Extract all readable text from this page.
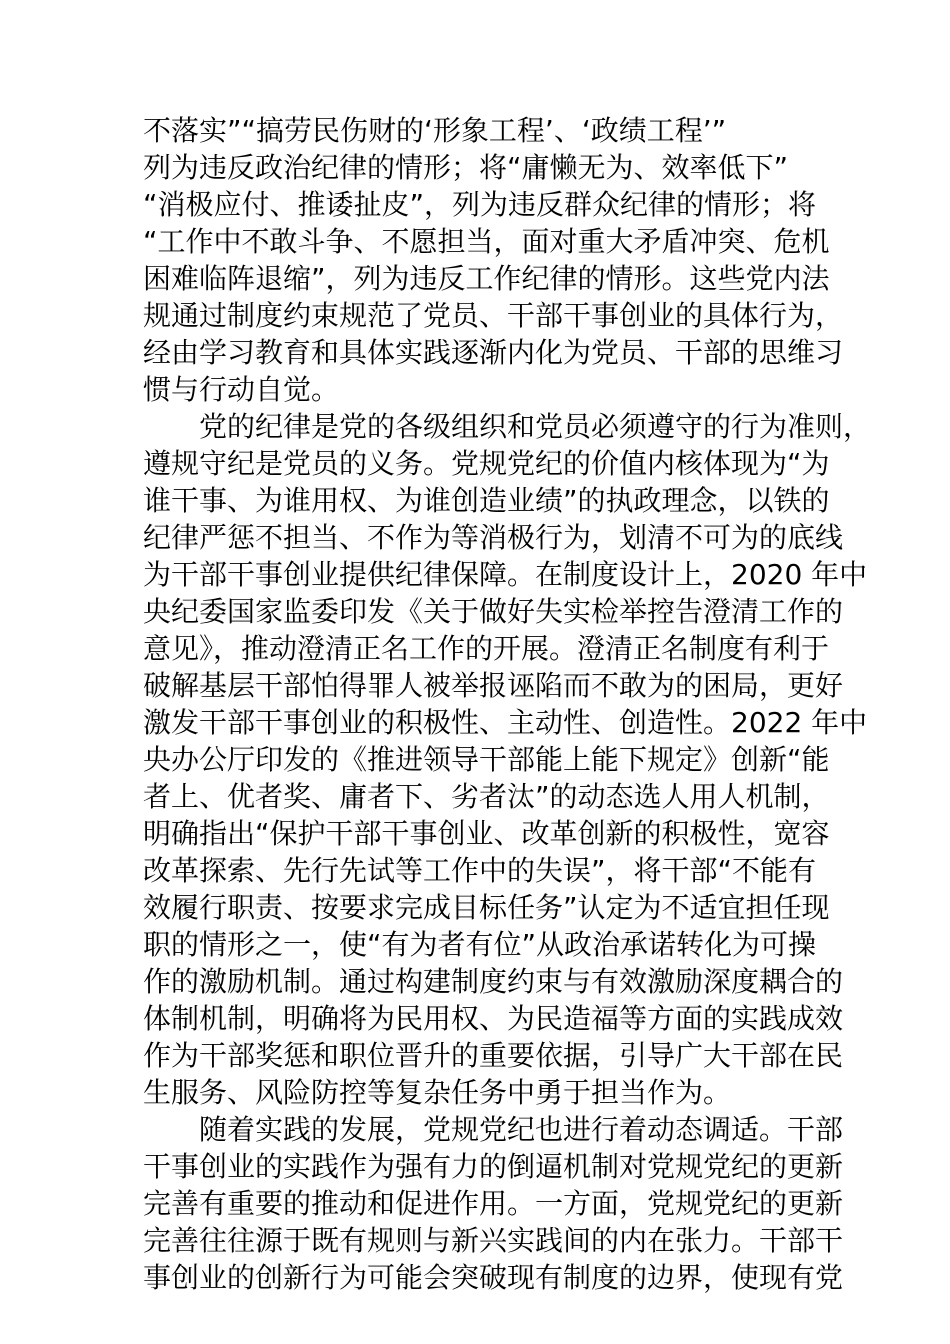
不落实”“搞劳民伤财的‘形象工程’、‘政绩工程’”
列为违反政治纪律的情形；将“庸懒无为、效率低下”
“消极应付、推诿扯皮”，列为违反群众纪律的情形；将
“工作中不敢斗争、不愿担当，面对重大矛盾冲突、危机
困难临阵退缩”，列为违反工作纪律的情形。这些党内法
规通过制度约束规范了党员、干部干事创业的具体行为，
经由学习教育和具体实践逐渐内化为党员、干部的思维习
惯与行动自觉。
党的纪律是党的各级组织和党员必须遵守的行为准则，
遵规守纪是党员的义务。党规党纪的价值内核体现为“为
谁干事、为谁用权、为谁创造业绩”的执政理念，以铁的
纪律严惩不担当、不作为等消极行为，划清不可为的底线
为干部干事创业提供纪律保障。在制度设计上，2020 年中
央纪委国家监委印发《关于做好失实检举控告澄清工作的
意见》，推动澄清正名工作的开展。澄清正名制度有利于
破解基层干部怕得罪人被举报诬陷而不敢为的困局，更好
激发干部干事创业的积极性、主动性、创造性。2022 年中
央办公厅印发的《推进领导干部能上能下规定》创新“能
者上、优者奖、庸者下、劣者汰”的动态选人用人机制，
明确指出“保护干部干事创业、改革创新的积极性，宽容
改革探索、先行先试等工作中的失误”，将干部“不能有
效履行职责、按要求完成目标任务”认定为不适宜担任现
职的情形之一，使“有为者有位”从政治承诺转化为可操
作的激励机制。通过构建制度约束与有效激励深度耦合的
体制机制，明确将为民用权、为民造福等方面的实践成效
作为干部奖惩和职位晋升的重要依据，引导广大干部在民
生服务、风险防控等复杂任务中勇于担当作为。
随着实践的发展，党规党纪也进行着动态调适。干部
干事创业的实践作为强有力的倒逼机制对党规党纪的更新
完善有重要的推动和促进作用。一方面，党规党纪的更新
完善往往源于既有规则与新兴实践间的内在张力。干部干
事创业的创新行为可能会突破现有制度的边界，使现有党
